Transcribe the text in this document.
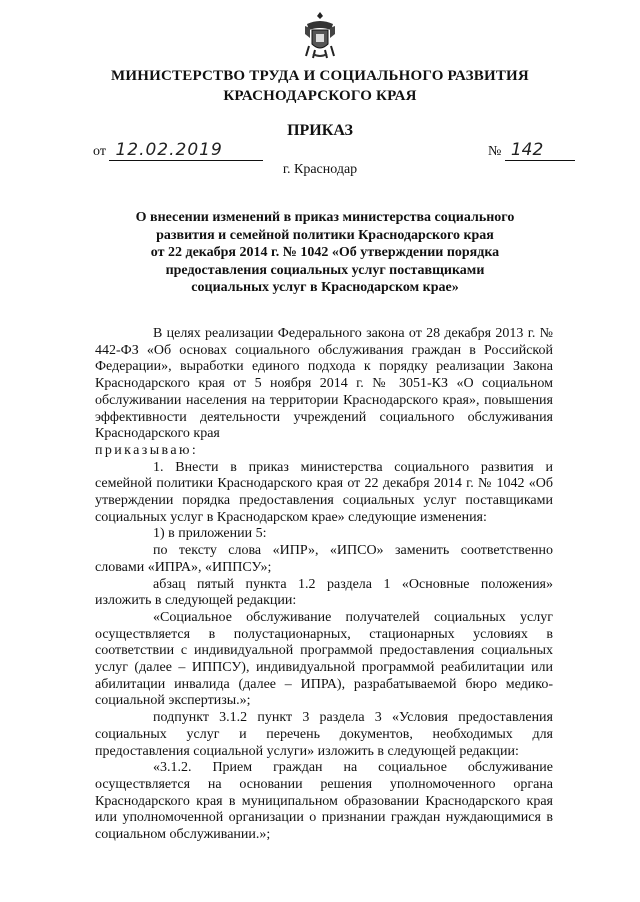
МИНИСТЕРСТВО ТРУДА И СОЦИАЛЬНОГО РАЗВИТИЯ
КРАСНОДАРСКОГО КРАЯ
ПРИКАЗ
от 12.02.2019	№ 142
г. Краснодар
О внесении изменений в приказ министерства социального
развития и семейной политики Краснодарского края
от 22 декабря 2014 г. № 1042 «Об утверждении порядка
предоставления социальных услуг поставщиками
социальных услуг в Краснодарском крае»

В целях реализации Федерального закона от 28 декабря 2013 г. № 442-ФЗ «Об основах социального обслуживания граждан в Российской Федерации», выработки единого подхода к порядку реализации Закона Краснодарского края от 5 ноября 2014 г. № 3051-КЗ «О социальном обслуживании населения на территории Краснодарского края», повышения эффективности деятельности учреждений социального обслуживания Краснодарского края

приказываю:

1. Внести в приказ министерства социального развития и семейной политики Краснодарского края от 22 декабря 2014 г. № 1042 «Об утверждении порядка предоставления социальных услуг поставщиками социальных услуг в Краснодарском крае» следующие изменения:

1) в приложении 5:

по тексту слова «ИПР», «ИПСО» заменить соответственно словами «ИПРА», «ИППСУ»;

абзац пятый пункта 1.2 раздела 1 «Основные положения» изложить в следующей редакции:

«Социальное обслуживание получателей социальных услуг осуществляется в полустационарных, стационарных условиях в соответствии с индивидуальной программой предоставления социальных услуг (далее – ИППСУ), индивидуальной программой реабилитации или абилитации инвалида (далее – ИПРА), разрабатываемой бюро медико-социальной экспертизы.»;

подпункт 3.1.2 пункт 3 раздела 3 «Условия предоставления социальных услуг и перечень документов, необходимых для предоставления социальной услуги» изложить в следующей редакции:

«3.1.2. Прием граждан на социальное обслуживание осуществляется на основании решения уполномоченного органа Краснодарского края в муниципальном образовании Краснодарского края или уполномоченной организации о признании граждан нуждающимися в социальном обслуживании.»;
